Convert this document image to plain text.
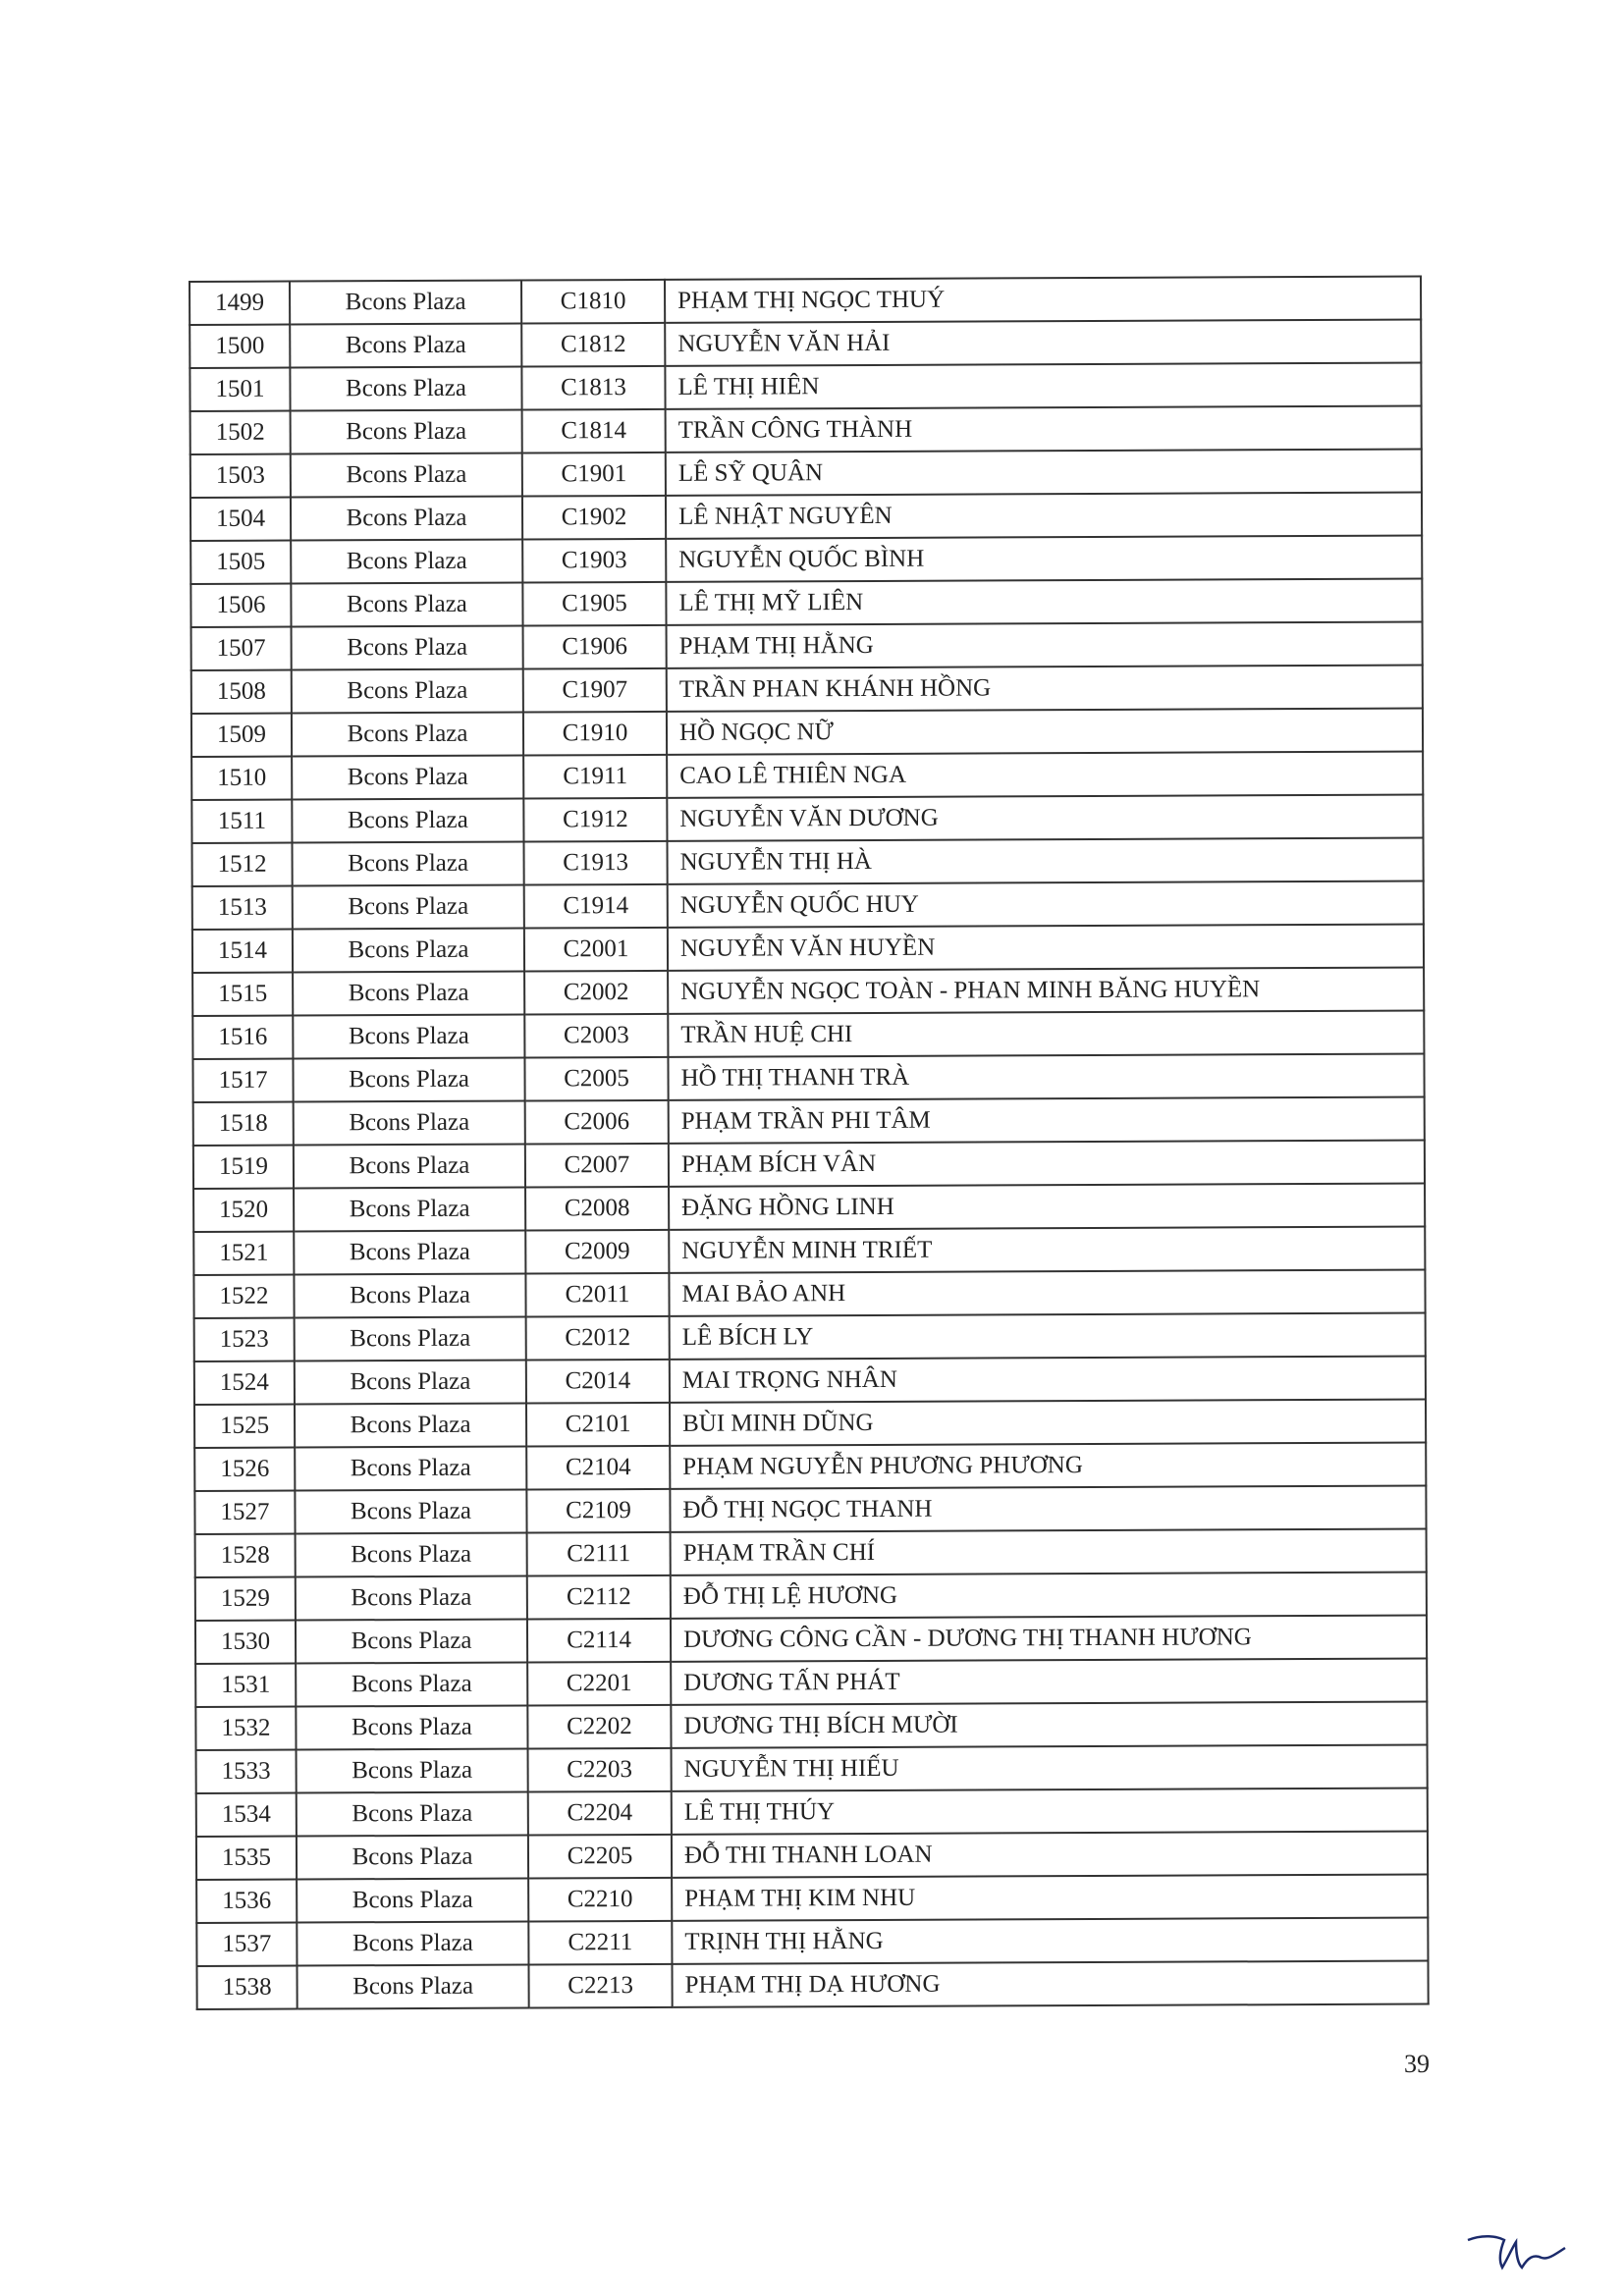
1499	Bcons Plaza	C1810	PHẠM THỊ NGỌC THUÝ
1500	Bcons Plaza	C1812	NGUYỄN VĂN HẢI
1501	Bcons Plaza	C1813	LÊ THỊ HIÊN
1502	Bcons Plaza	C1814	TRẦN CÔNG THÀNH
1503	Bcons Plaza	C1901	LÊ SỸ QUÂN
1504	Bcons Plaza	C1902	LÊ NHẬT NGUYÊN
1505	Bcons Plaza	C1903	NGUYỄN QUỐC BÌNH
1506	Bcons Plaza	C1905	LÊ THỊ MỸ LIÊN
1507	Bcons Plaza	C1906	PHẠM THỊ HẰNG
1508	Bcons Plaza	C1907	TRẦN PHAN KHÁNH HỒNG
1509	Bcons Plaza	C1910	HỒ NGỌC NỮ
1510	Bcons Plaza	C1911	CAO LÊ THIÊN NGA
1511	Bcons Plaza	C1912	NGUYỄN VĂN DƯƠNG
1512	Bcons Plaza	C1913	NGUYỄN THỊ HÀ
1513	Bcons Plaza	C1914	NGUYỄN QUỐC HUY
1514	Bcons Plaza	C2001	NGUYỄN VĂN HUYỀN
1515	Bcons Plaza	C2002	NGUYỄN NGỌC TOÀN - PHAN MINH BĂNG HUYỀN
1516	Bcons Plaza	C2003	TRẦN HUỆ CHI
1517	Bcons Plaza	C2005	HỒ THỊ THANH TRÀ
1518	Bcons Plaza	C2006	PHẠM TRẦN PHI TÂM
1519	Bcons Plaza	C2007	PHẠM BÍCH VÂN
1520	Bcons Plaza	C2008	ĐẶNG HỒNG LINH
1521	Bcons Plaza	C2009	NGUYỄN MINH TRIẾT
1522	Bcons Plaza	C2011	MAI BẢO ANH
1523	Bcons Plaza	C2012	LÊ BÍCH LY
1524	Bcons Plaza	C2014	MAI TRỌNG NHÂN
1525	Bcons Plaza	C2101	BÙI MINH DŨNG
1526	Bcons Plaza	C2104	PHẠM NGUYỄN PHƯƠNG PHƯƠNG
1527	Bcons Plaza	C2109	ĐỖ THỊ NGỌC THANH
1528	Bcons Plaza	C2111	PHẠM TRẦN CHÍ
1529	Bcons Plaza	C2112	ĐỖ THỊ LỆ HƯƠNG
1530	Bcons Plaza	C2114	DƯƠNG CÔNG CẦN - DƯƠNG THỊ THANH HƯƠNG
1531	Bcons Plaza	C2201	DƯƠNG TẤN PHÁT
1532	Bcons Plaza	C2202	DƯƠNG THỊ BÍCH MƯỜI
1533	Bcons Plaza	C2203	NGUYỄN THỊ HIẾU
1534	Bcons Plaza	C2204	LÊ THỊ THÚY
1535	Bcons Plaza	C2205	ĐỖ THI THANH LOAN
1536	Bcons Plaza	C2210	PHẠM THỊ KIM NHU
1537	Bcons Plaza	C2211	TRỊNH THỊ HẰNG
1538	Bcons Plaza	C2213	PHẠM THỊ DẠ HƯƠNG
39
